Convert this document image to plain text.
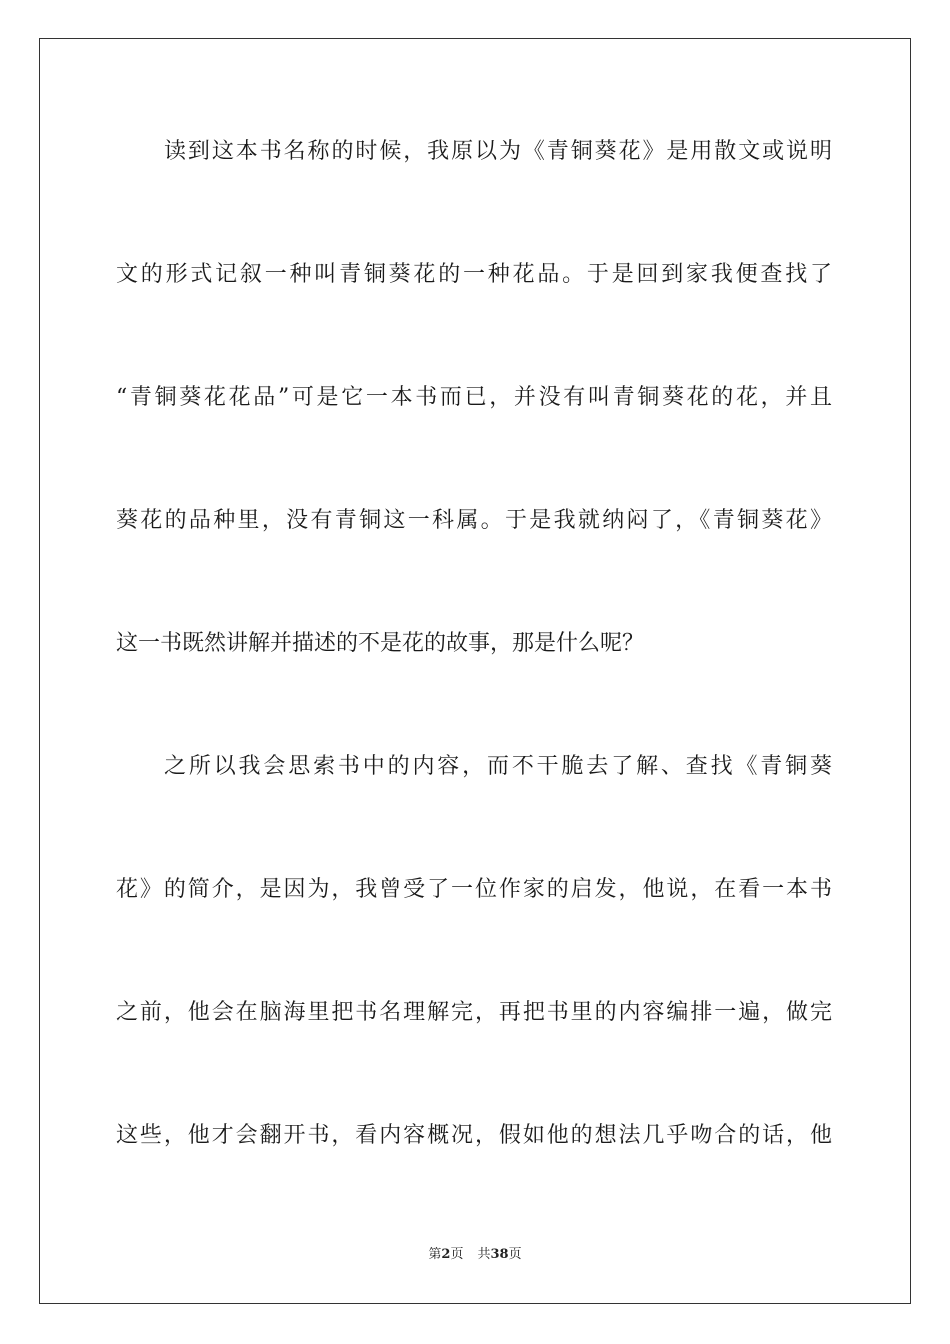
读到这本书名称的时候，我原以为《青铜葵花》是用散文或说明
文的形式记叙一种叫青铜葵花的一种花品。于是回到家我便查找了
“青铜葵花花品”可是它一本书而已，并没有叫青铜葵花的花，并且
葵花的品种里，没有青铜这一科属。于是我就纳闷了，《青铜葵花》
这一书既然讲解并描述的不是花的故事，那是什么呢？
之所以我会思索书中的内容，而不干脆去了解、查找《青铜葵
花》的简介，是因为，我曾受了一位作家的启发，他说，在看一本书
之前，他会在脑海里把书名理解完，再把书里的内容编排一遍，做完
这些，他才会翻开书，看内容概况，假如他的想法几乎吻合的话，他
第2页 共38页
